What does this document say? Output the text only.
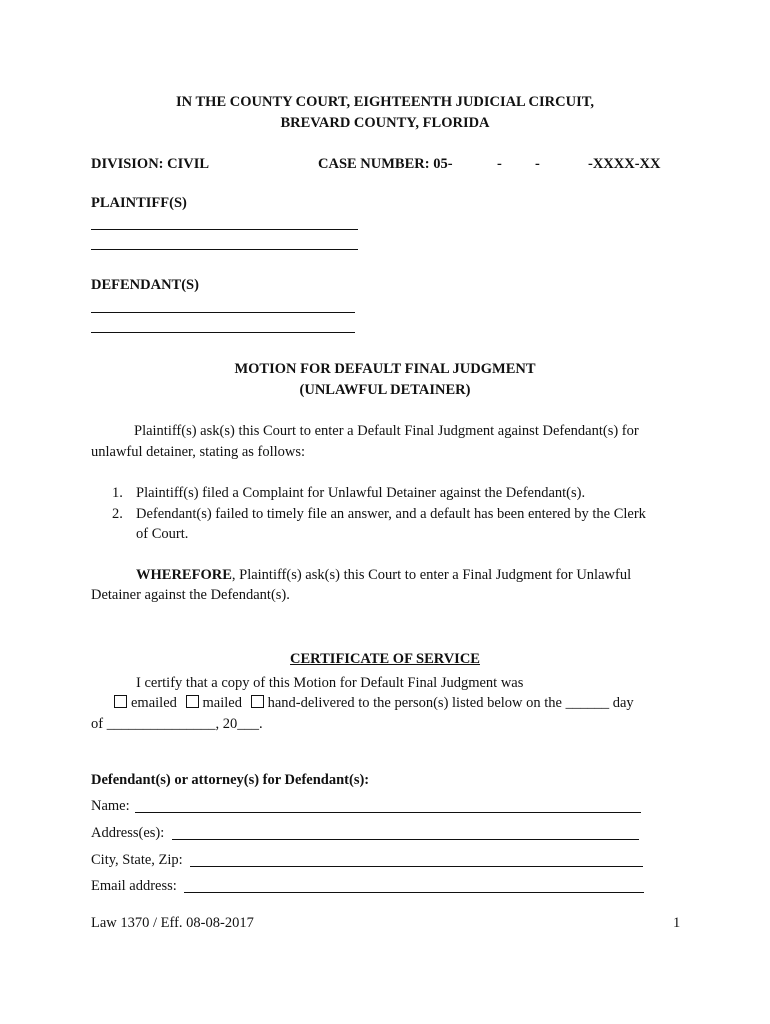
IN THE COUNTY COURT, EIGHTEENTH JUDICIAL CIRCUIT,
BREVARD COUNTY, FLORIDA
DIVISION: CIVIL	CASE NUMBER: 05-	- -	-XXXX-XX
PLAINTIFF(S)
DEFENDANT(S)
MOTION FOR DEFAULT FINAL JUDGMENT
(UNLAWFUL DETAINER)
Plaintiff(s) ask(s) this Court to enter a Default Final Judgment against Defendant(s) for
unlawful detainer, stating as follows:
1. Plaintiff(s) filed a Complaint for Unlawful Detainer against the Defendant(s).
2. Defendant(s) failed to timely file an answer, and a default has been entered by the Clerk
of Court.
WHEREFORE, Plaintiff(s) ask(s) this Court to enter a Final Judgment for Unlawful
Detainer against the Defendant(s).
CERTIFICATE OF SERVICE
I certify that a copy of this Motion for Default Final Judgment was
emailed mailed hand-delivered to the person(s) listed below on the ______ day
of _______________, 20___.
Defendant(s) or attorney(s) for Defendant(s):
Name:
Address(es):
City, State, Zip:
Email address:
Law 1370 / Eff. 08-08-2017	1
